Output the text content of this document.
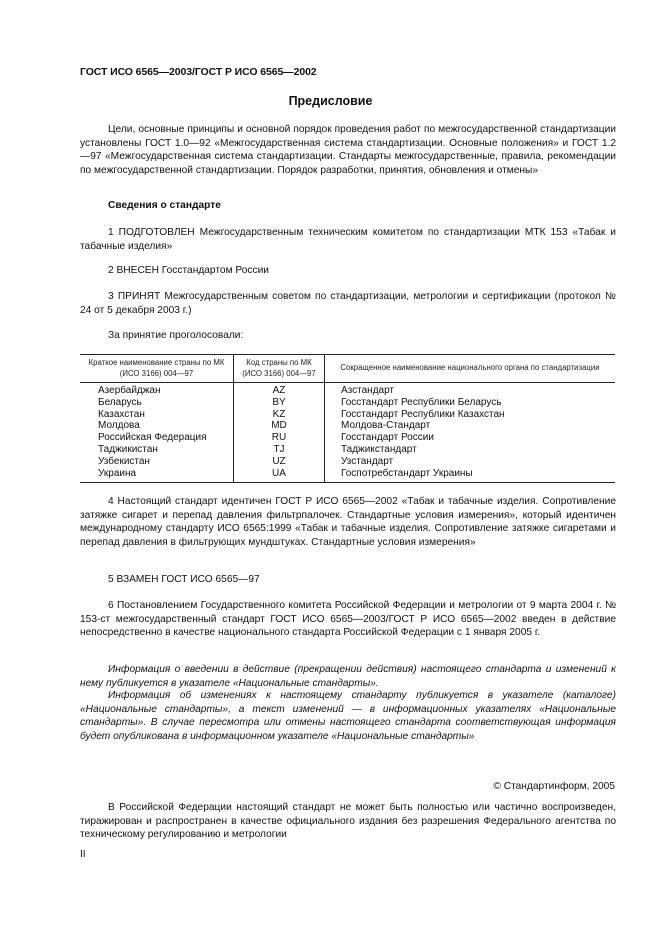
ГОСТ ИСО 6565—2003/ГОСТ Р ИСО 6565—2002
Предисловие
Цели, основные принципы и основной порядок проведения работ по межгосударственной стандартизации установлены ГОСТ 1.0—92 «Межгосударственная система стандартизации. Основные положения» и ГОСТ 1.2—97 «Межгосударственная система стандартизации. Стандарты межгосударственные, правила, рекомендации по межгосударственной стандартизации. Порядок разработки, принятия, обновления и отмены»
Сведения о стандарте
1 ПОДГОТОВЛЕН Межгосударственным техническим комитетом по стандартизации МТК 153 «Табак и табачные изделия»
2 ВНЕСЕН Госстандартом России
3 ПРИНЯТ Межгосударственным советом по стандартизации, метрологии и сертификации (протокол № 24 от 5 декабря 2003 г.)
За принятие проголосовали:
Краткое наименование страны по МК (ИСО 3166) 004—97	Код страны по МК (ИСО 3166) 004—97	Сокращенное наименование национального органа по стандартизации
Азербайджан	AZ	Азстандарт
Беларусь	BY	Госстандарт Республики Беларусь
Казахстан	KZ	Госстандарт Республики Казахстан
Молдова	MD	Молдова-Стандарт
Российская Федерация	RU	Госстандарт России
Таджикистан	TJ	Таджикстандарт
Узбекистан	UZ	Узстандарт
Украина	UA	Госпотребстандарт Украины
4 Настоящий стандарт идентичен ГОСТ Р ИСО 6565—2002 «Табак и табачные изделия. Сопротивление затяжке сигарет и перепад давления фильтрпалочек. Стандартные условия измерения», который идентичен международному стандарту ИСО 6565:1999 «Табак и табачные изделия. Сопротивление затяжке сигаретами и перепад давления в фильтрующих мундштуках. Стандартные условия измерения»
5 ВЗАМЕН ГОСТ ИСО 6565—97
6 Постановлением Государственного комитета Российской Федерации и метрологии от 9 марта 2004 г. № 153-ст межгосударственный стандарт ГОСТ ИСО 6565—2003/ГОСТ Р ИСО 6565—2002 введен в действие непосредственно в качестве национального стандарта Российской Федерации с 1 января 2005 г.
Информация о введении в действие (прекращении действия) настоящего стандарта и изменений к нему публикуется в указателе «Национальные стандарты».
Информация об изменениях к настоящему стандарту публикуется в указателе (каталоге) «Национальные стандарты», а текст изменений — в информационных указателях «Национальные стандарты». В случае пересмотра или отмены настоящего стандарта соответствующая информация будет опубликована в информационном указателе «Национальные стандарты»
© Стандартинформ, 2005
В Российской Федерации настоящий стандарт не может быть полностью или частично воспроизведен, тиражирован и распространен в качестве официального издания без разрешения Федерального агентства по техническому регулированию и метрологии
II
